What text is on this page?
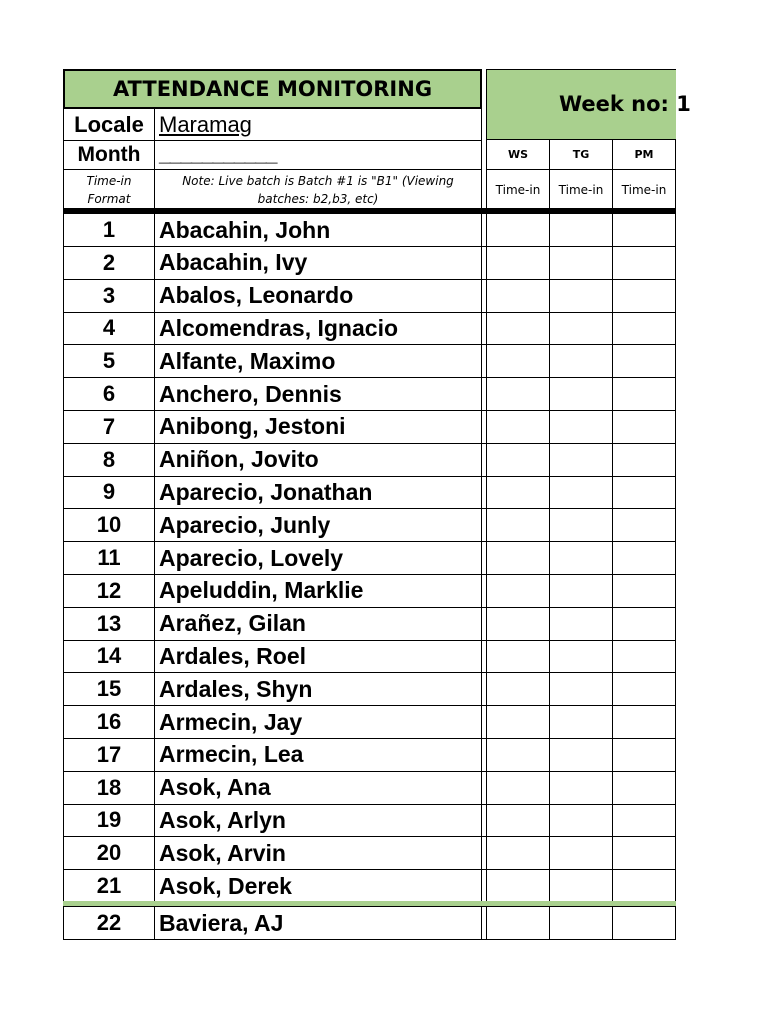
ATTENDANCE MONITORING
Locale Maramag
Month ___________
Time-in
Format
Note: Live batch is Batch #1 is "B1" (Viewing
batches: b2,b3, etc)
Week no: 1
WS	TG	PM
Time-in	Time-in	Time-in
1	Abacahin, John
2	Abacahin, Ivy
3	Abalos, Leonardo
4	Alcomendras, Ignacio
5	Alfante, Maximo
6	Anchero, Dennis
7	Anibong, Jestoni
8	Aniñon, Jovito
9	Aparecio, Jonathan
10	Aparecio, Junly
11	Aparecio, Lovely
12	Apeluddin, Marklie
13	Arañez, Gilan
14	Ardales, Roel
15	Ardales, Shyn
16	Armecin, Jay
17	Armecin, Lea
18	Asok, Ana
19	Asok, Arlyn
20	Asok, Arvin
21	Asok, Derek
22	Baviera, AJ
